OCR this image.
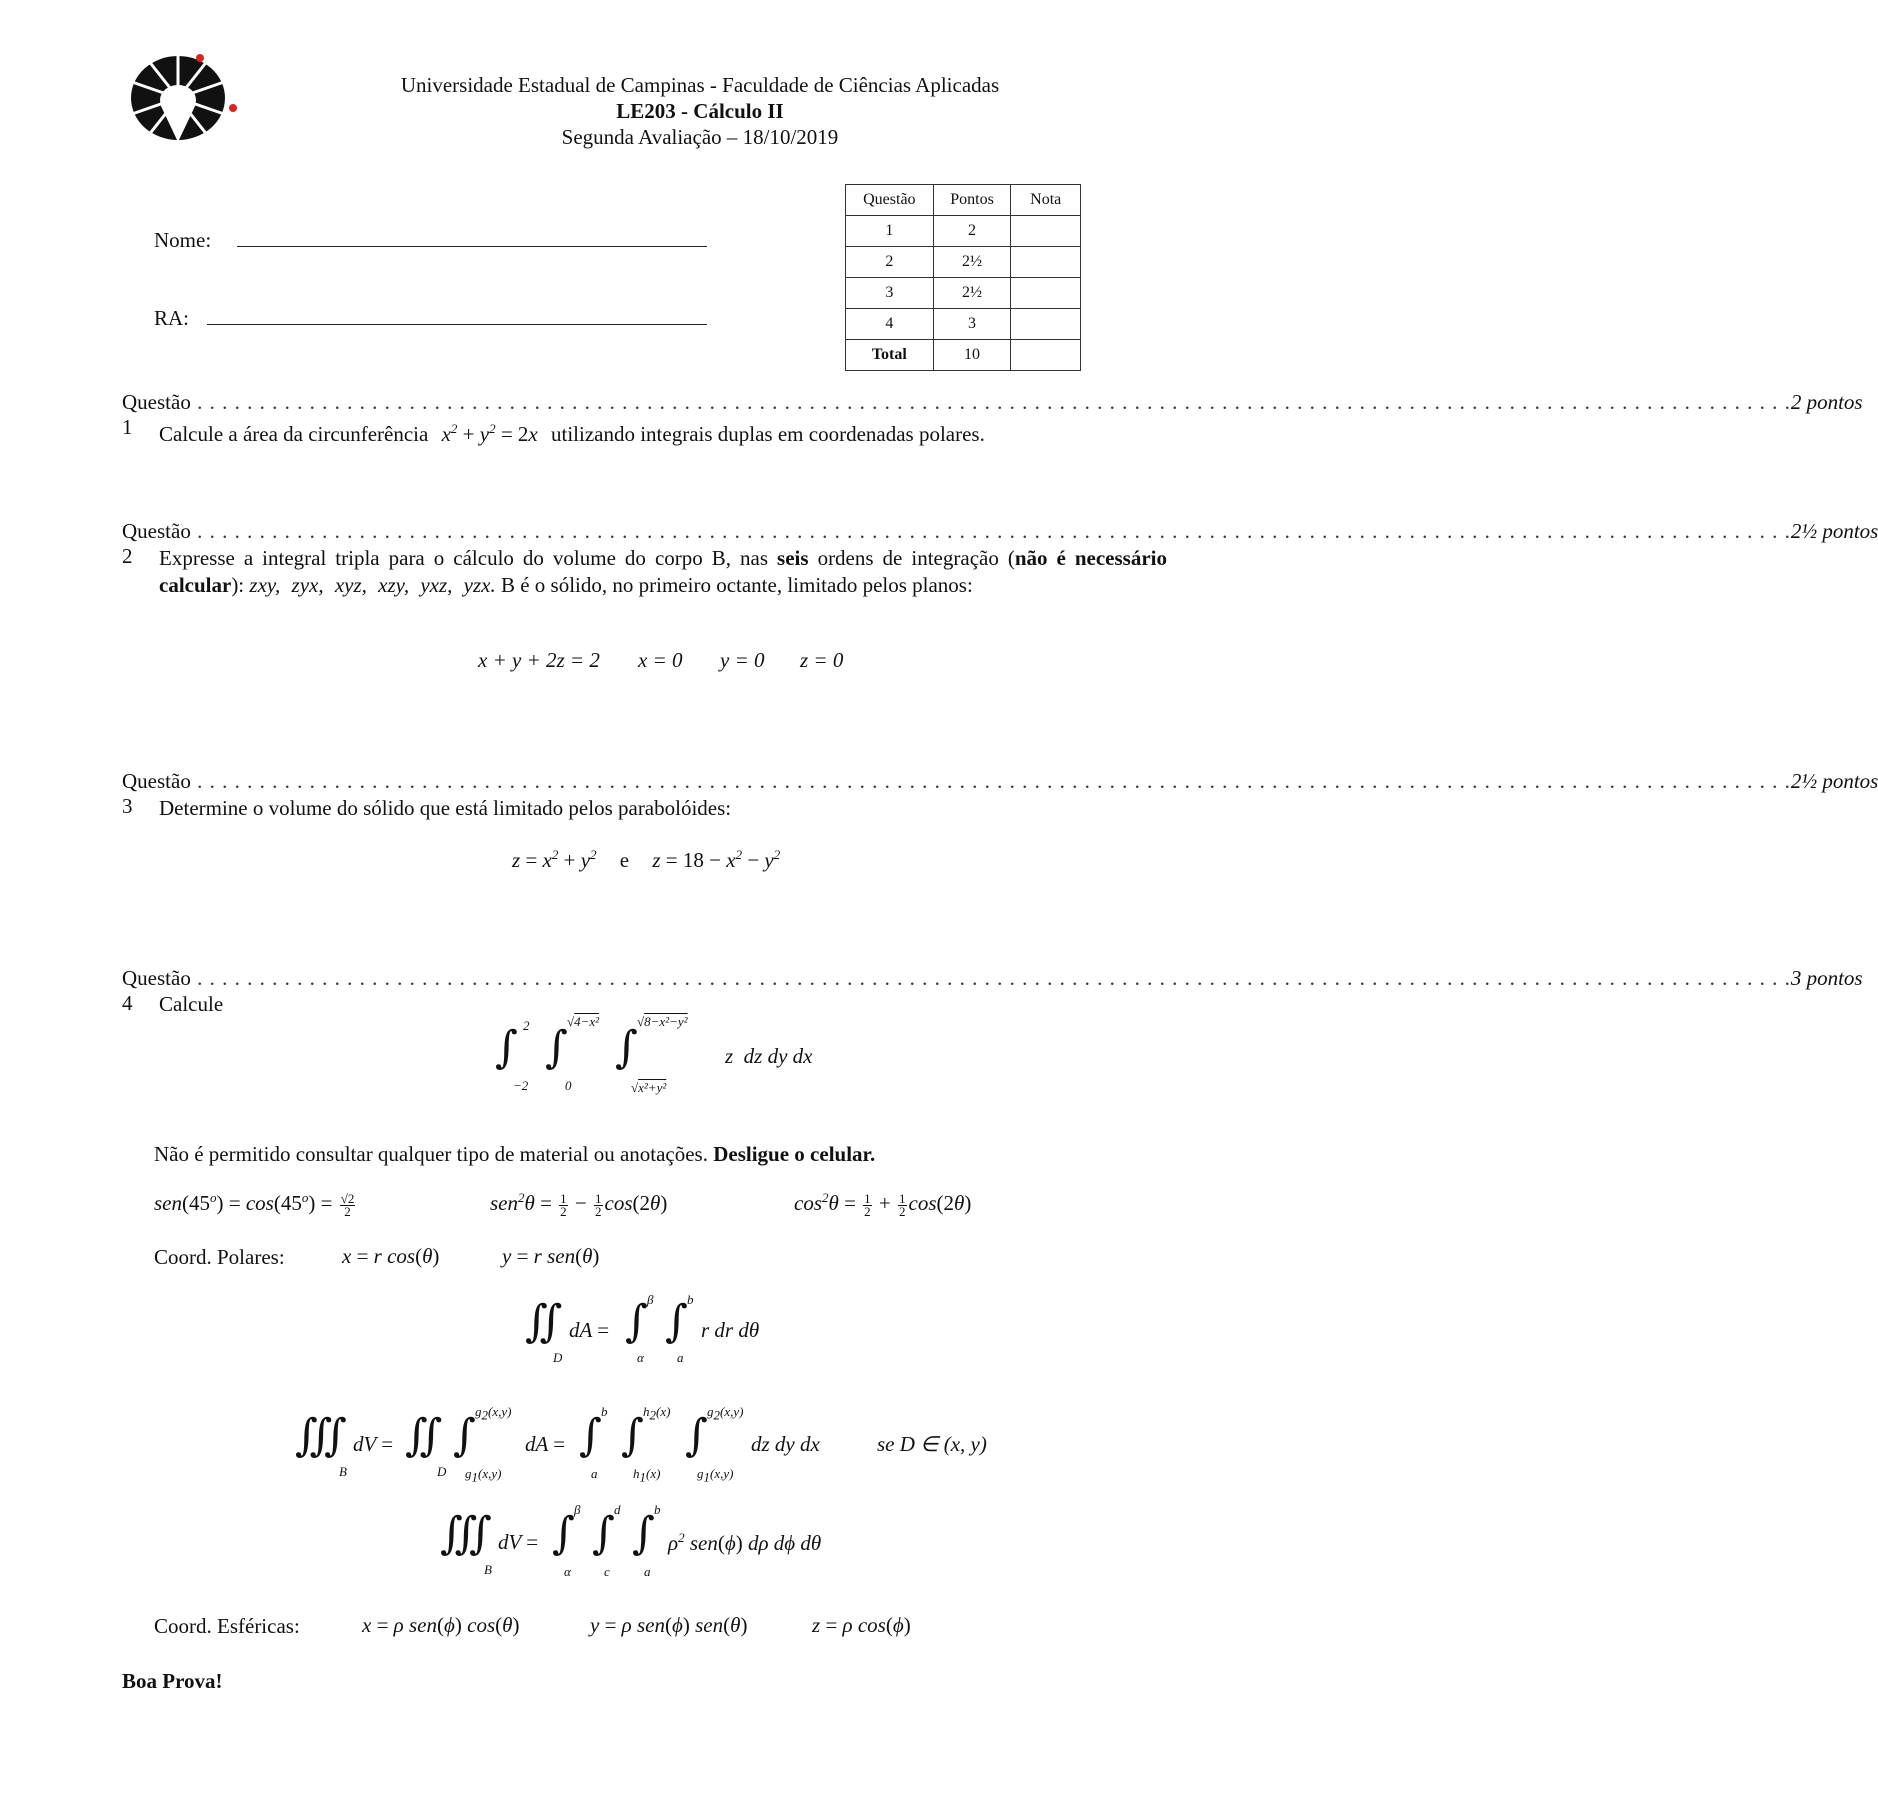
Universidade Estadual de Campinas - Faculdade de Ciências Aplicadas
LE203 - Cálculo II
Segunda Avaliação – 18/10/2019
Nome:
RA:
Questão	Pontos	Nota
1	2	
2	2½	
3	2½	
4	3	
Total	10	
Questão 1
. . . . . . . . . . . . . . . . . . . . . . . . . . . . . . . . . . . . . . . . . . . . . . . . . . . . . . . . . . . . . . . . . . . . . . . . . . . . . . . . . . . . . . . . . . . . . . . . . . . . . . . . . . . . . . . . . . . . . . . . . . . . . . . . 2 pontos
Calcule a área da circunferência $x^2 + y^2 = 2x$ utilizando integrais duplas em coordenadas polares.
Questão 2
. . . . . . . . . . . . . . . . . . . . . . . . . . . . . . . . . . . . . . . . . . . . . . . . . . . . . . . . . . . . . . . . . . . . . . . . . . . . . . . . . . . . . . . . . . . . . . . . . . . . . . . . . . . . . . . . . . . . . . . . . . . . . . . . 2½ pontos
Expresse a integral tripla para o cálculo do volume do corpo B, nas seis ordens de integração (não é necessário calcular): zxy, zyx, xyz, xzy, yxz, yzx. B é o sólido, no primeiro octante, limitado pelos planos:
x + y + 2z = 2 x = 0 y = 0 z = 0
Questão 3
. . . . . . . . . . . . . . . . . . . . . . . . . . . . . . . . . . . . . . . . . . . . . . . . . . . . . . . . . . . . . . . . . . . . . . . . . . . . . . . . . . . . . . . . . . . . . . . . . . . . . . . . . . . . . . . . . . . . . . . . . . . . . . . . 2½ pontos
Determine o volume do sólido que está limitado pelos parabolóides:
$z = x^2 + y^2$ e $z = 18 - x^2 - y^2$
Questão 4
. . . . . . . . . . . . . . . . . . . . . . . . . . . . . . . . . . . . . . . . . . . . . . . . . . . . . . . . . . . . . . . . . . . . . . . . . . . . . . . . . . . . . . . . . . . . . . . . . . . . . . . . . . . . . . . . . . . . . . . . . . . . . . . . 3 pontos
Calcule
∫ 2
−2
∫
√4−x²
0
∫
√8−x²−y²
√x²+y²
z  dz dy dx
Não é permitido consultar qualquer tipo de material ou anotações. Desligue o celular.
$sen(45^o) = \cos(45^o) = \frac{√2}{2}$	$sen^2\theta = \frac{1}{2} - \frac{1}{2} \cos(2\theta)$	$\cos^2\theta = \frac{1}{2} + \frac{1}{2} \cos(2\theta)$
Coord. Polares:	x = r cos(θ)	y = r sen(θ)
∬
D
dA = ∫ β
α
∫ b
a
r dr dθ
∭
B
dV = ∬
D
∫ $g_2(x,y)$
$g_1(x,y)$
dA = ∫ b
a
∫ $h_2(x)$
$h_1(x)$
∫ $g_2(x,y)$
$g_1(x,y)$
dz dy dx	se D ∈ (x, y)
∭
B
dV = ∫ β
α
∫ d
c
∫ b
a
$\rho^2$ sen(ϕ) dρ dϕ dθ
Coord. Esféricas:	x = ρ sen(ϕ) cos(θ)	y = ρ sen(ϕ) sen(θ)	z = ρ cos(ϕ)
Boa Prova!
